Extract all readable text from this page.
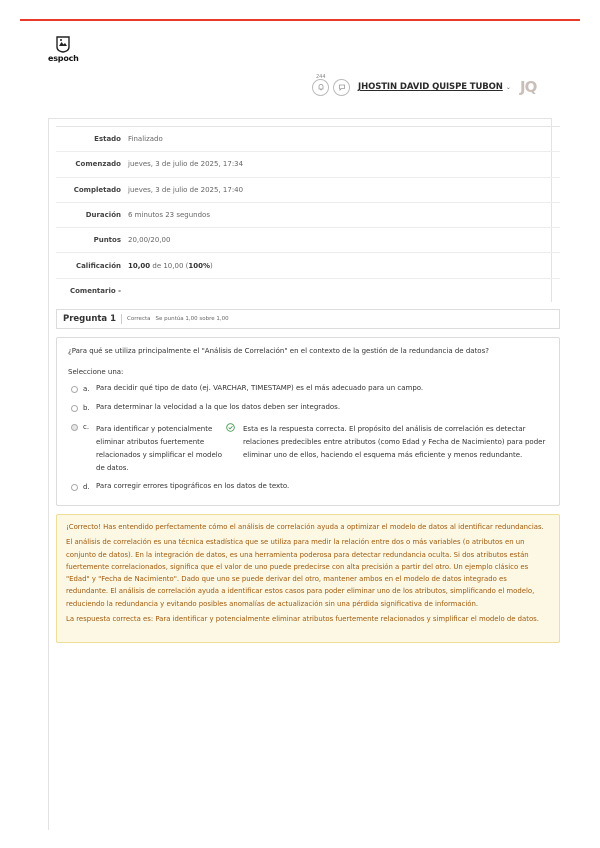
espoch
244
JHOSTIN DAVID QUISPE TUBON ⌄ JQ
Estado	Finalizado
Comenzado	jueves, 3 de julio de 2025, 17:34
Completado	jueves, 3 de julio de 2025, 17:40
Duración	6 minutos 23 segundos
Puntos	20,00/20,00
Calificación	10,00 de 10,00 (100%)
Comentario -
Pregunta 1 Correcta Se puntúa 1,00 sobre 1,00
¿Para qué se utiliza principalmente el "Análisis de Correlación" en el contexto de la gestión de la redundancia de datos?
Seleccione una:
a. Para decidir qué tipo de dato (ej. VARCHAR, TIMESTAMP) es el más adecuado para un campo.
b. Para determinar la velocidad a la que los datos deben ser integrados.
c. Para identificar y potencialmente eliminar atributos fuertemente relacionados y simplificar el modelo de datos.
Esta es la respuesta correcta. El propósito del análisis de correlación es detectar relaciones predecibles entre atributos (como Edad y Fecha de Nacimiento) para poder eliminar uno de ellos, haciendo el esquema más eficiente y menos redundante.
d. Para corregir errores tipográficos en los datos de texto.

¡Correcto! Has entendido perfectamente cómo el análisis de correlación ayuda a optimizar el modelo de datos al identificar redundancias.

El análisis de correlación es una técnica estadística que se utiliza para medir la relación entre dos o más variables (o atributos en un conjunto de datos). En la integración de datos, es una herramienta poderosa para detectar redundancia oculta. Si dos atributos están fuertemente correlacionados, significa que el valor de uno puede predecirse con alta precisión a partir del otro. Un ejemplo clásico es "Edad" y "Fecha de Nacimiento". Dado que uno se puede derivar del otro, mantener ambos en el modelo de datos integrado es redundante. El análisis de correlación ayuda a identificar estos casos para poder eliminar uno de los atributos, simplificando el modelo, reduciendo la redundancia y evitando posibles anomalías de actualización sin una pérdida significativa de información.

La respuesta correcta es: Para identificar y potencialmente eliminar atributos fuertemente relacionados y simplificar el modelo de datos.
